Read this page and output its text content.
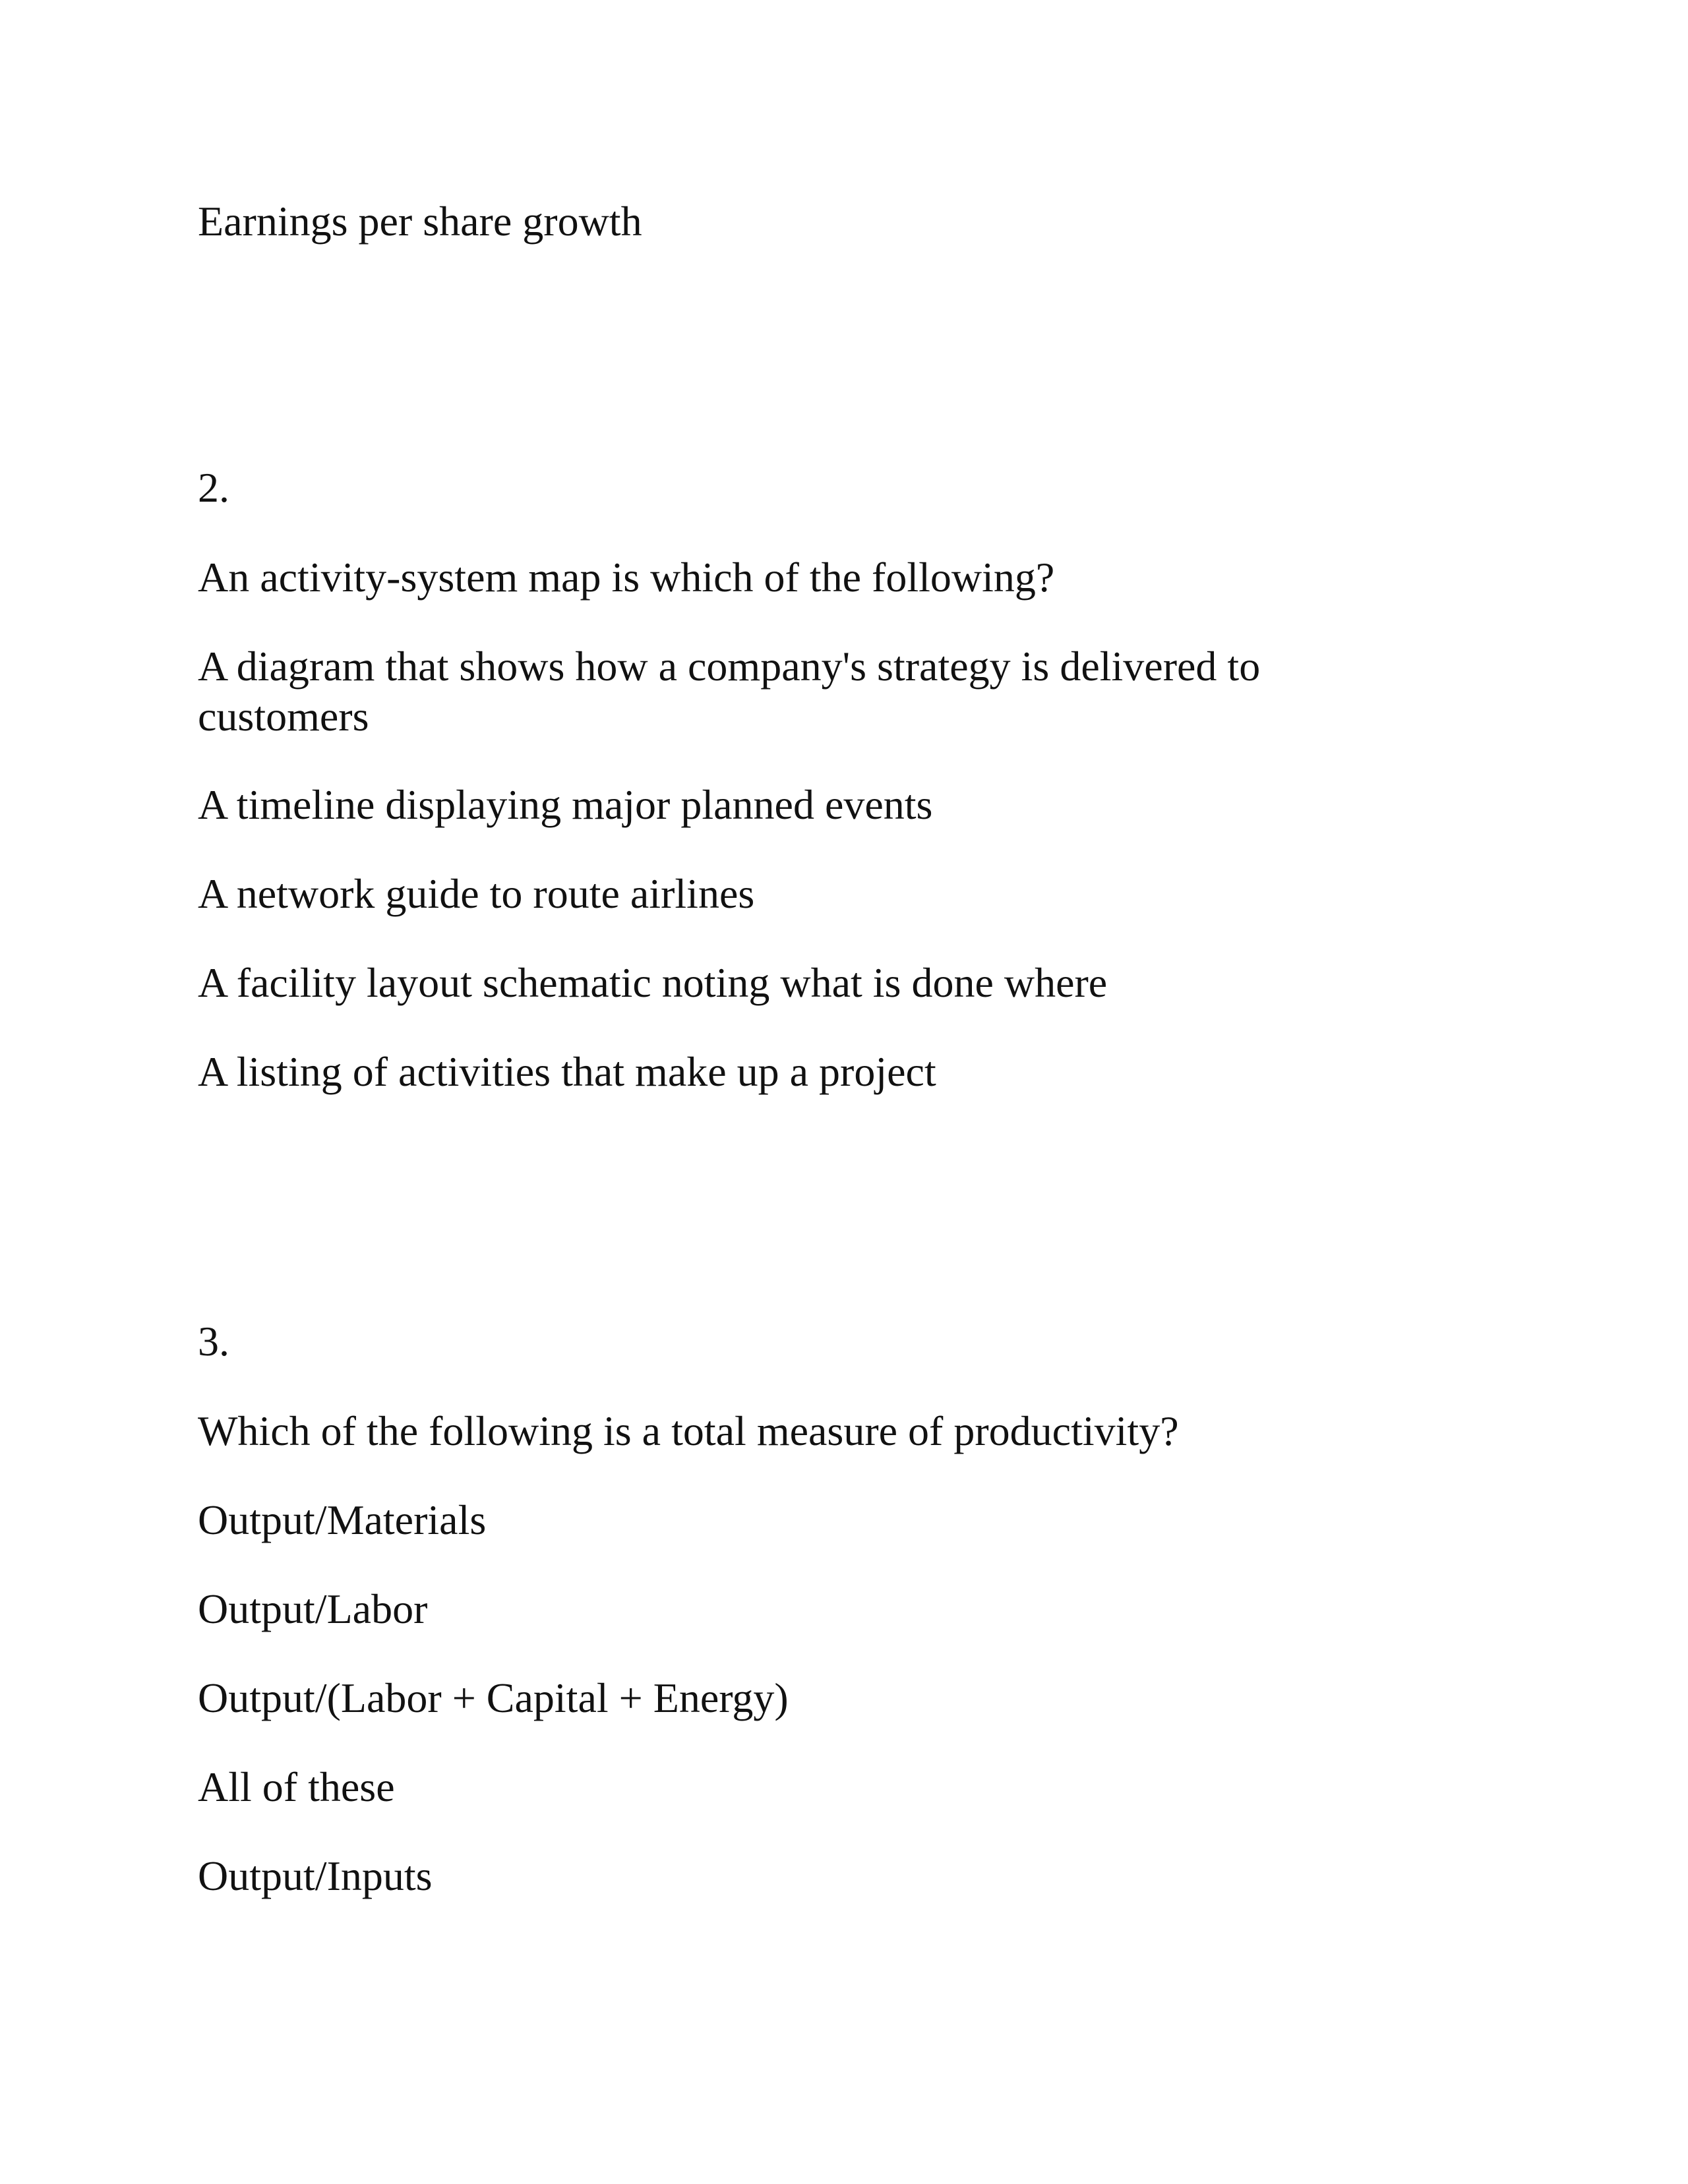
Earnings per share growth

2.

An activity-system map is which of the following?

A diagram that shows how a company's strategy is delivered to customers

A timeline displaying major planned events

A network guide to route airlines

A facility layout schematic noting what is done where

A listing of activities that make up a project

3.

Which of the following is a total measure of productivity?

Output/Materials

Output/Labor

Output/(Labor + Capital + Energy)

All of these

Output/Inputs
